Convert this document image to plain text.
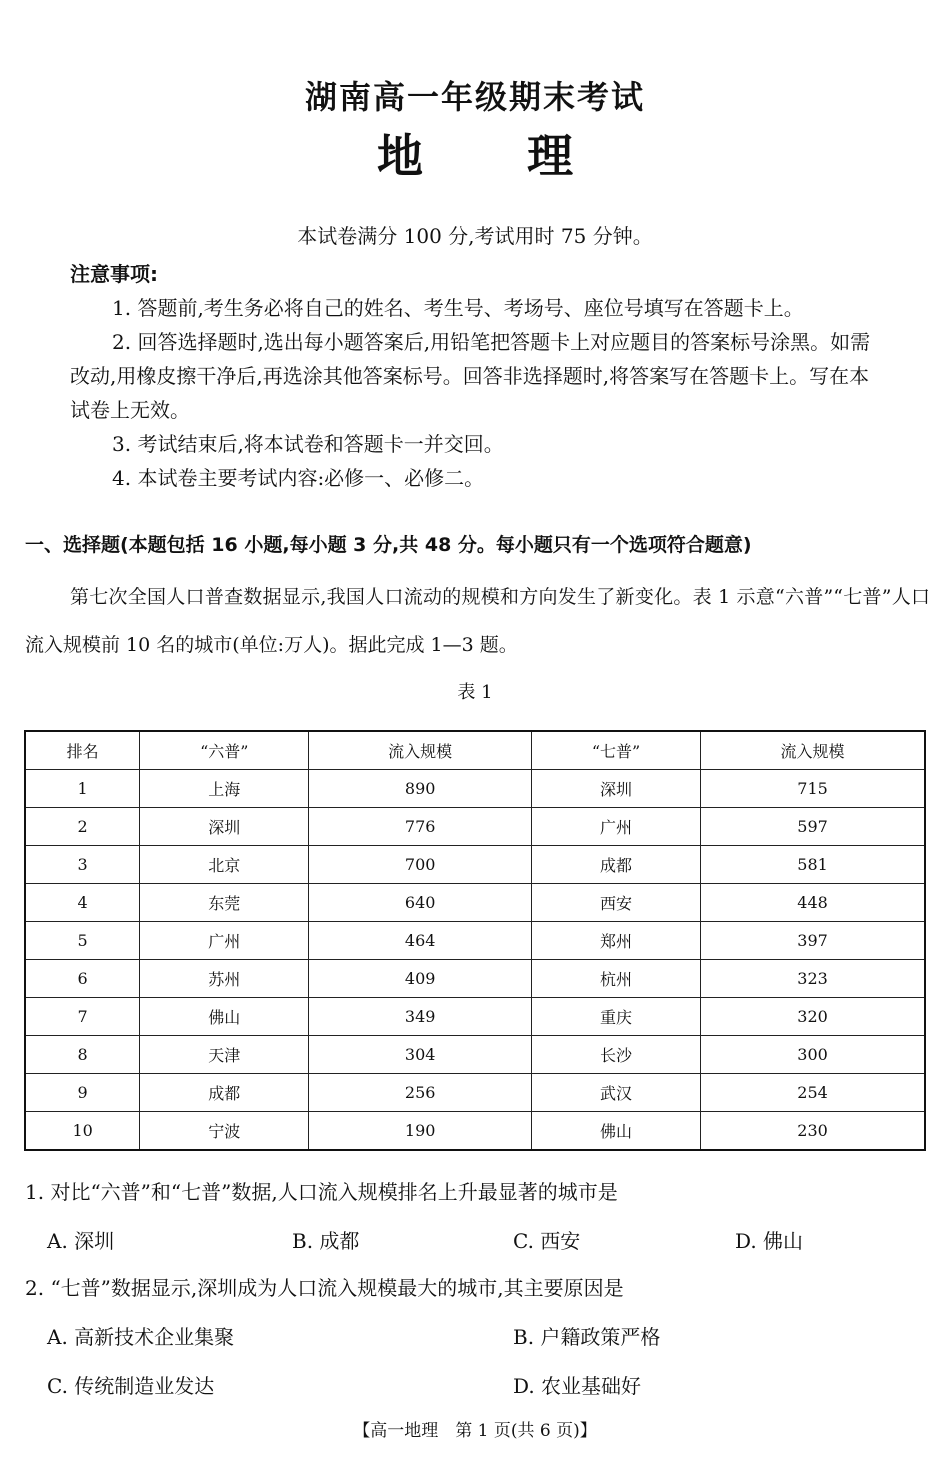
湖南高一年级期末考试
地 理
本试卷满分 100 分,考试用时 75 分钟。
注意事项:
1. 答题前,考生务必将自己的姓名、考生号、考场号、座位号填写在答题卡上。
2. 回答选择题时,选出每小题答案后,用铅笔把答题卡上对应题目的答案标号涂黑。如需改动,用橡皮擦干净后,再选涂其他答案标号。回答非选择题时,将答案写在答题卡上。写在本试卷上无效。
3. 考试结束后,将本试卷和答题卡一并交回。
4. 本试卷主要考试内容:必修一、必修二。
一、选择题(本题包括 16 小题,每小题 3 分,共 48 分。每小题只有一个选项符合题意)
第七次全国人口普查数据显示,我国人口流动的规模和方向发生了新变化。表 1 示意“六普”“七普”人口流入规模前 10 名的城市(单位:万人)。据此完成 1—3 题。
表 1
排名	“六普”	流入规模	“七普”	流入规模
1	上海	890	深圳	715
2	深圳	776	广州	597
3	北京	700	成都	581
4	东莞	640	西安	448
5	广州	464	郑州	397
6	苏州	409	杭州	323
7	佛山	349	重庆	320
8	天津	304	长沙	300
9	成都	256	武汉	254
10	宁波	190	佛山	230
1. 对比“六普”和“七普”数据,人口流入规模排名上升最显著的城市是
A. 深圳	B. 成都	C. 西安	D. 佛山
2. “七普”数据显示,深圳成为人口流入规模最大的城市,其主要原因是
A. 高新技术企业集聚	B. 户籍政策严格
C. 传统制造业发达	D. 农业基础好
【高一地理　第 1 页(共 6 页)】
